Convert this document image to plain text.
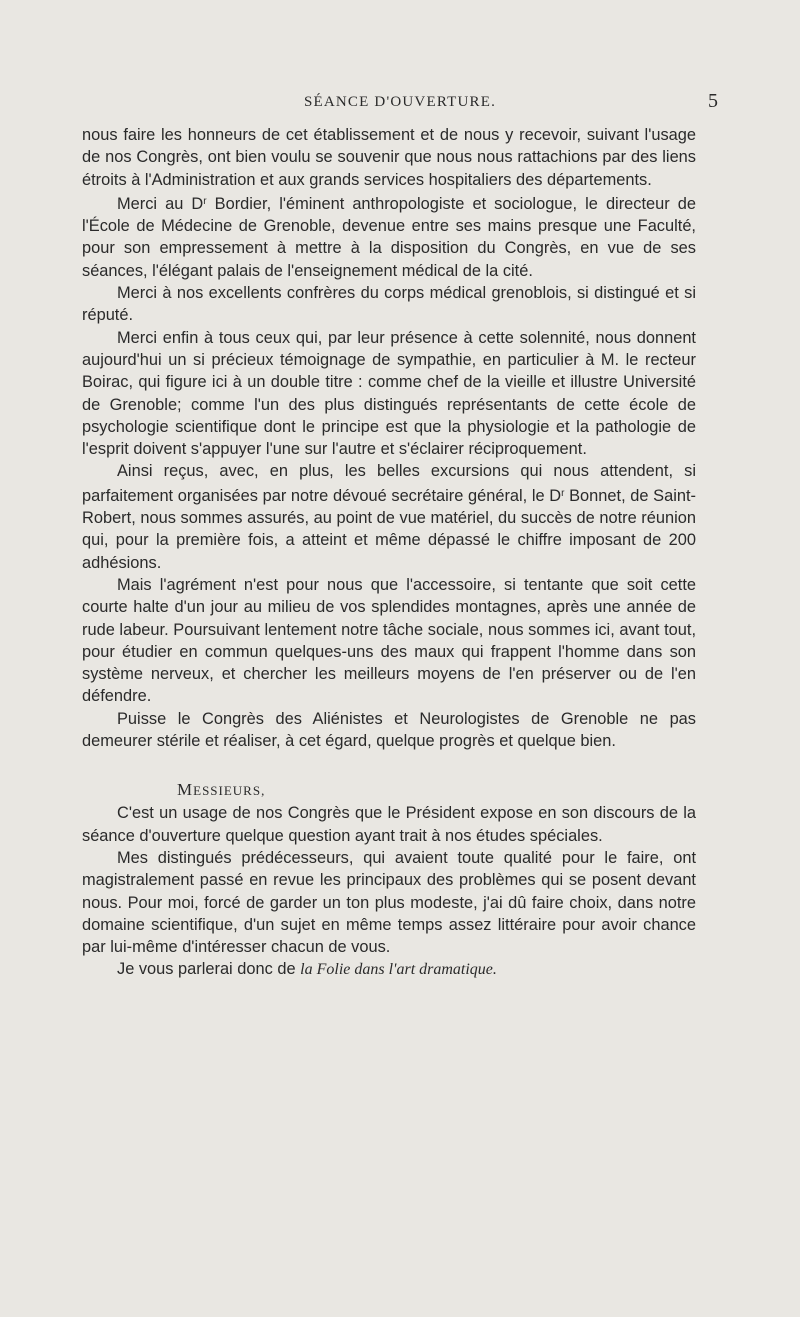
SÉANCE D'OUVERTURE.	5

nous faire les honneurs de cet établissement et de nous y recevoir, suivant l'usage de nos Congrès, ont bien voulu se souvenir que nous nous rattachions par des liens étroits à l'Administration et aux grands services hospitaliers des départements.

Merci au $D^r$ Bordier, l'éminent anthropologiste et sociologue, le directeur de l'École de Médecine de Grenoble, devenue entre ses mains presque une Faculté, pour son empressement à mettre à la disposition du Congrès, en vue de ses séances, l'élégant palais de l'enseignement médical de la cité.

Merci à nos excellents confrères du corps médical grenoblois, si distingué et si réputé.

Merci enfin à tous ceux qui, par leur présence à cette solennité, nous donnent aujourd'hui un si précieux témoignage de sympathie, en particulier à M. le recteur Boirac, qui figure ici à un double titre : comme chef de la vieille et illustre Université de Grenoble; comme l'un des plus distingués représentants de cette école de psychologie scientifique dont le principe est que la physiologie et la pathologie de l'esprit doivent s'appuyer l'une sur l'autre et s'éclairer réciproquement.

Ainsi reçus, avec, en plus, les belles excursions qui nous attendent, si parfaitement organisées par notre dévoué secrétaire général, le $D^r$ Bonnet, de Saint-Robert, nous sommes assurés, au point de vue matériel, du succès de notre réunion qui, pour la première fois, a atteint et même dépassé le chiffre imposant de 200 adhésions.

Mais l'agrément n'est pour nous que l'accessoire, si tentante que soit cette courte halte d'un jour au milieu de vos splendides montagnes, après une année de rude labeur. Poursuivant lentement notre tâche sociale, nous sommes ici, avant tout, pour étudier en commun quelques-uns des maux qui frappent l'homme dans son système nerveux, et chercher les meilleurs moyens de l'en préserver ou de l'en défendre.

Puisse le Congrès des Aliénistes et Neurologistes de Grenoble ne pas demeurer stérile et réaliser, à cet égard, quelque progrès et quelque bien.

MESSIEURS,

C'est un usage de nos Congrès que le Président expose en son discours de la séance d'ouverture quelque question ayant trait à nos études spéciales.

Mes distingués prédécesseurs, qui avaient toute qualité pour le faire, ont magistralement passé en revue les principaux des problèmes qui se posent devant nous. Pour moi, forcé de garder un ton plus modeste, j'ai dû faire choix, dans notre domaine scientifique, d'un sujet en même temps assez littéraire pour avoir chance par lui-même d'intéresser chacun de vous.

Je vous parlerai donc de la Folie dans l'art dramatique.
